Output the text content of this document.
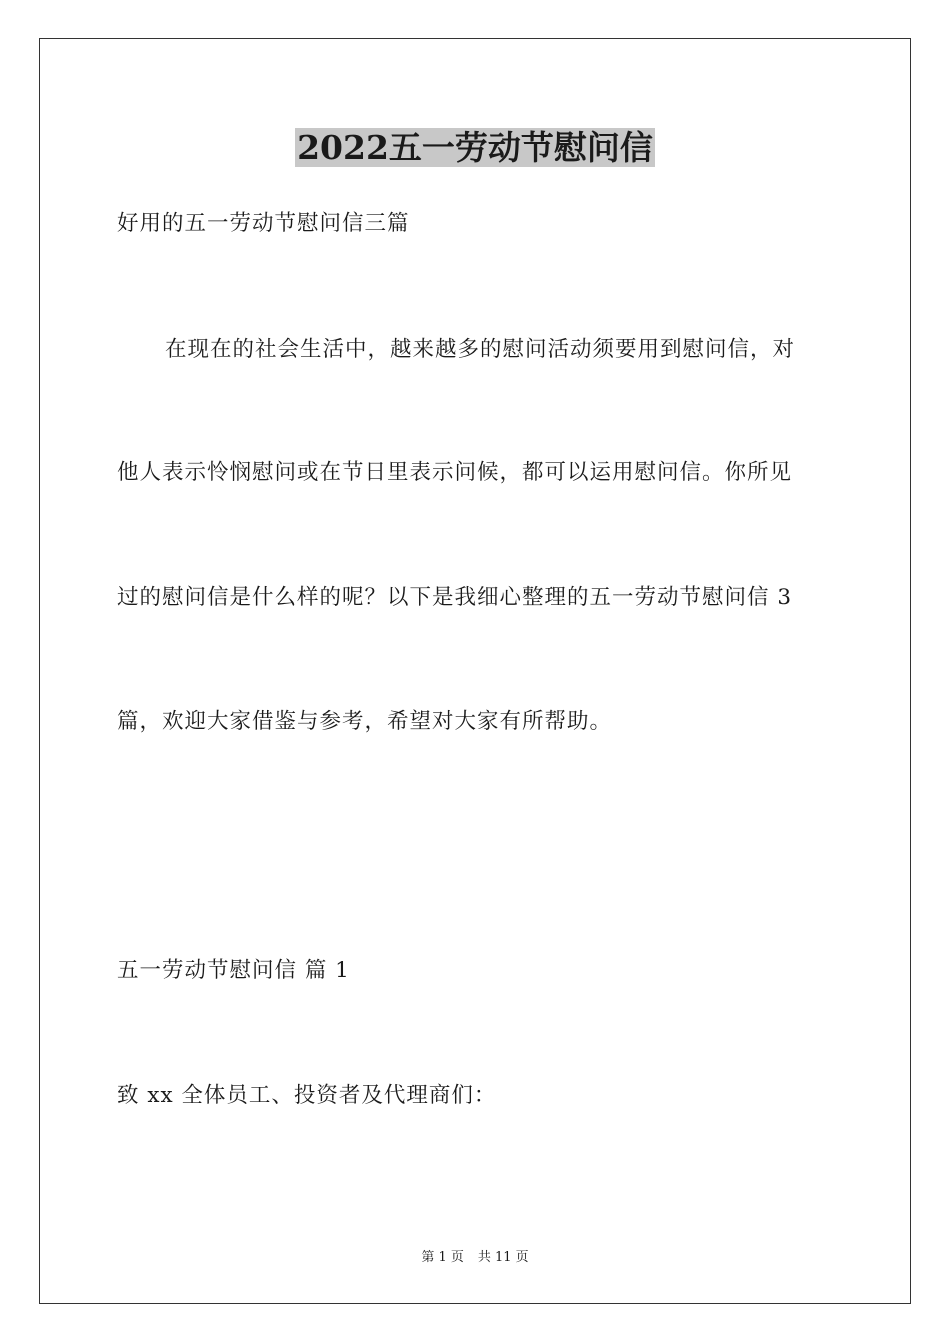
2022五一劳动节慰问信
好用的五一劳动节慰问信三篇
在现在的社会生活中，越来越多的慰问活动须要用到慰问信，对
他人表示怜悯慰问或在节日里表示问候，都可以运用慰问信。你所见
过的慰问信是什么样的呢？以下是我细心整理的五一劳动节慰问信 3
篇，欢迎大家借鉴与参考，希望对大家有所帮助。
五一劳动节慰问信 篇 1
致 xx 全体员工、投资者及代理商们：
第 1 页 共 11 页
